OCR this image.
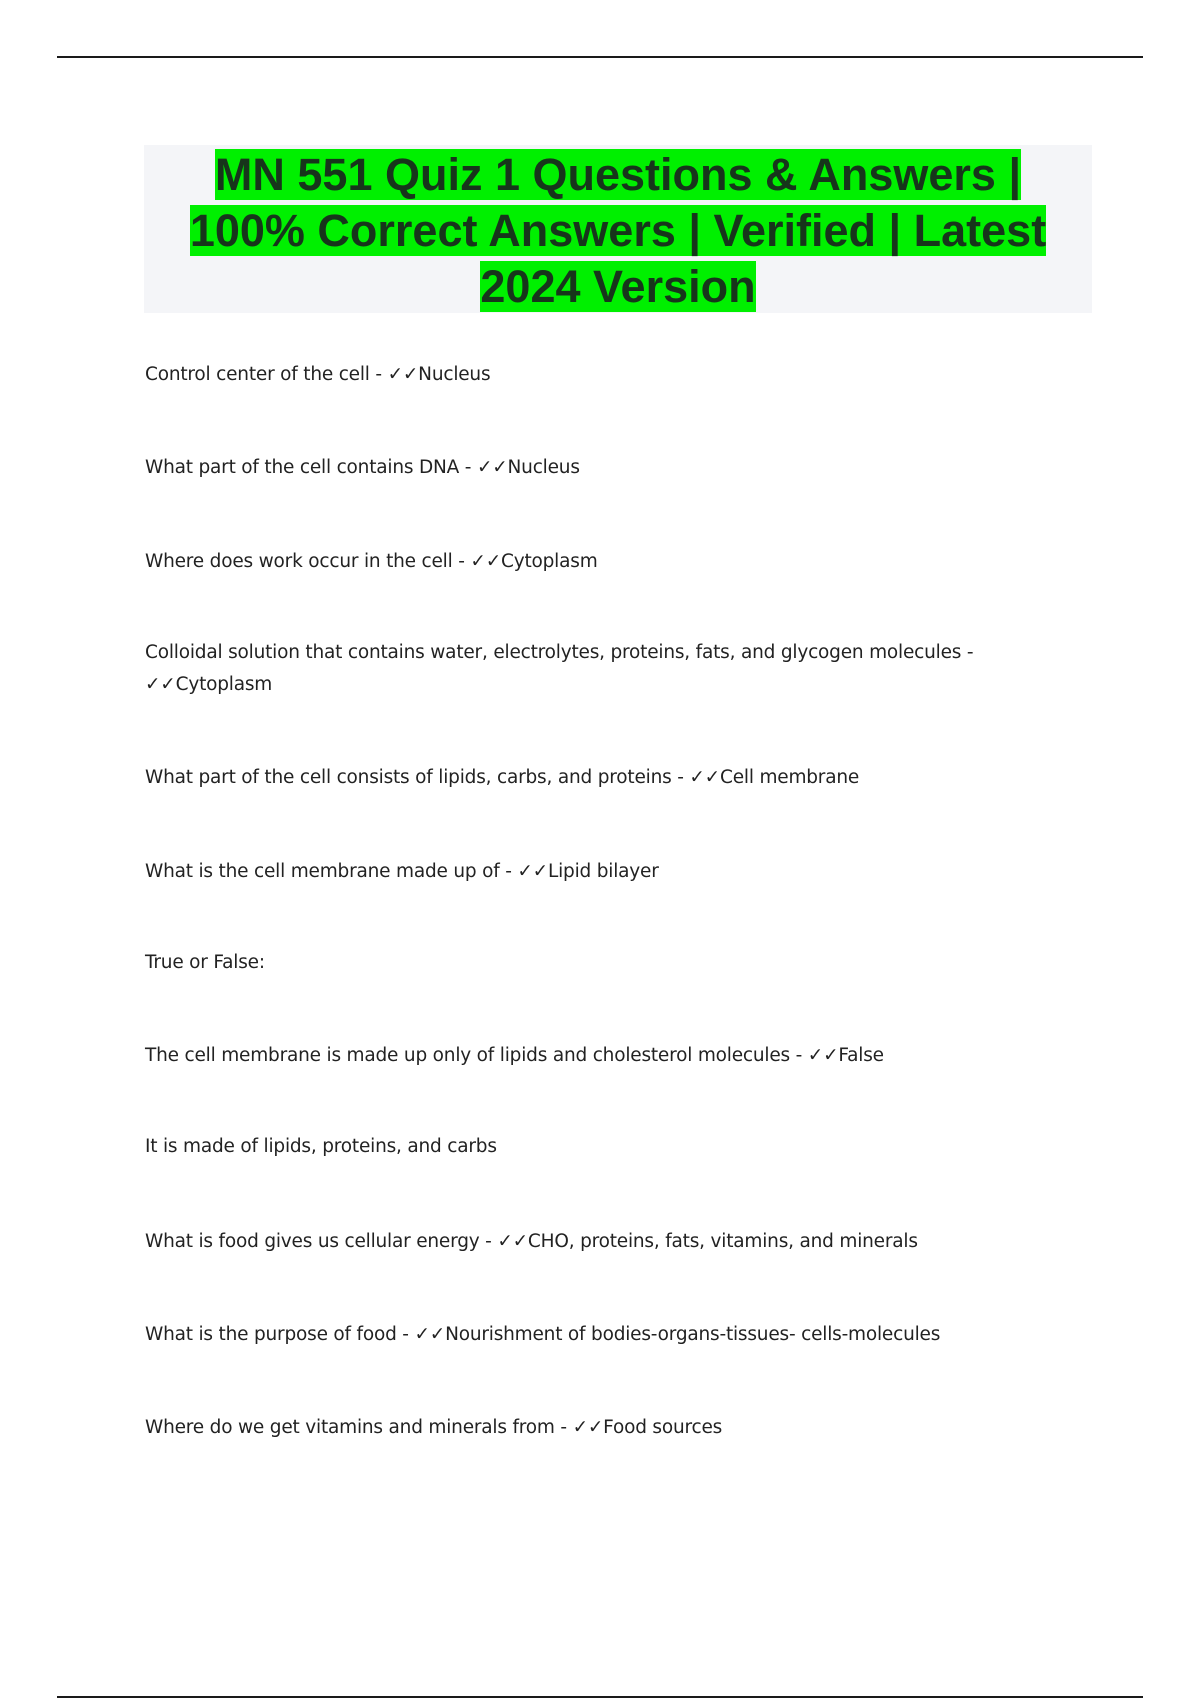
MN 551 Quiz 1 Questions & Answers |
100% Correct Answers | Verified | Latest
2024 Version

Control center of the cell - ✓✓Nucleus

What part of the cell contains DNA - ✓✓Nucleus

Where does work occur in the cell - ✓✓Cytoplasm

Colloidal solution that contains water, electrolytes, proteins, fats, and glycogen molecules -

✓✓Cytoplasm

What part of the cell consists of lipids, carbs, and proteins - ✓✓Cell membrane

What is the cell membrane made up of - ✓✓Lipid bilayer

True or False:

The cell membrane is made up only of lipids and cholesterol molecules - ✓✓False

It is made of lipids, proteins, and carbs

What is food gives us cellular energy - ✓✓CHO, proteins, fats, vitamins, and minerals

What is the purpose of food - ✓✓Nourishment of bodies-organs-tissues- cells-molecules

Where do we get vitamins and minerals from - ✓✓Food sources
